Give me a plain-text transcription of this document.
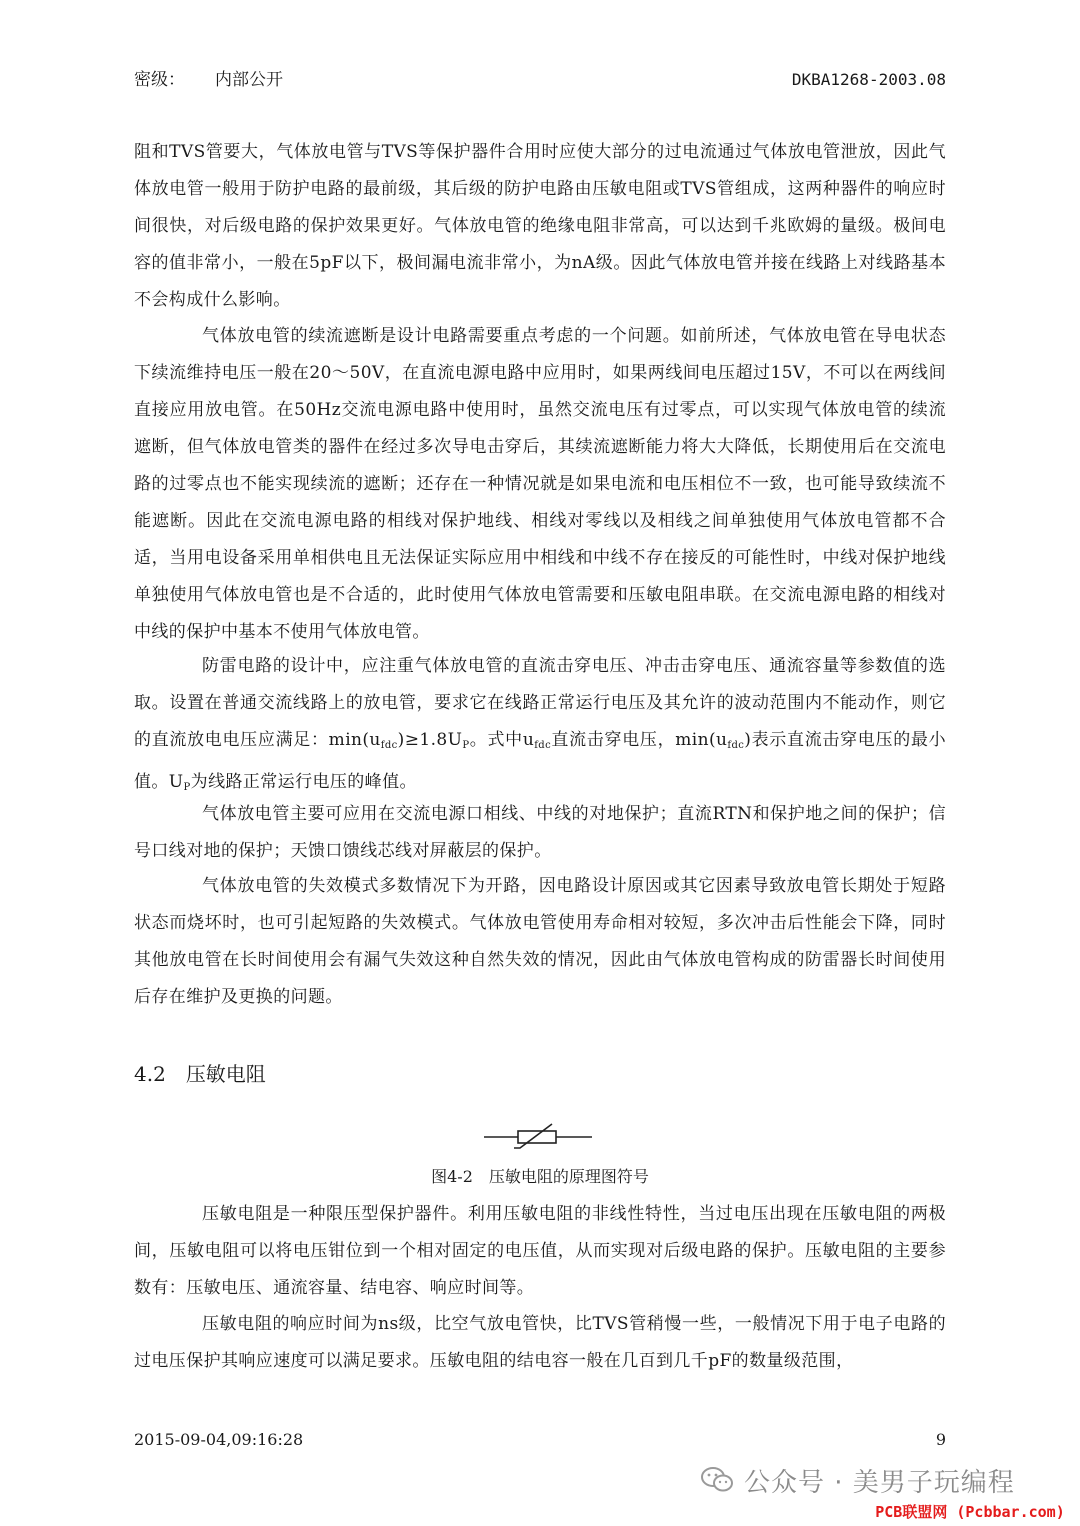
密级： 内部公开	DKBA1268-2003.08

阻和TVS管要大，气体放电管与TVS等保护器件合用时应使大部分的过电流通过气体放电管泄放，因此气体放电管一般用于防护电路的最前级，其后级的防护电路由压敏电阻或TVS管组成，这两种器件的响应时间很快，对后级电路的保护效果更好。气体放电管的绝缘电阻非常高，可以达到千兆欧姆的量级。极间电容的值非常小，一般在5pF以下，极间漏电流非常小，为nA级。因此气体放电管并接在线路上对线路基本不会构成什么影响。

气体放电管的续流遮断是设计电路需要重点考虑的一个问题。如前所述，气体放电管在导电状态下续流维持电压一般在20～50V，在直流电源电路中应用时，如果两线间电压超过15V，不可以在两线间直接应用放电管。在50Hz交流电源电路中使用时，虽然交流电压有过零点，可以实现气体放电管的续流遮断，但气体放电管类的器件在经过多次导电击穿后，其续流遮断能力将大大降低，长期使用后在交流电路的过零点也不能实现续流的遮断；还存在一种情况就是如果电流和电压相位不一致，也可能导致续流不能遮断。因此在交流电源电路的相线对保护地线、相线对零线以及相线之间单独使用气体放电管都不合适，当用电设备采用单相供电且无法保证实际应用中相线和中线不存在接反的可能性时，中线对保护地线单独使用气体放电管也是不合适的，此时使用气体放电管需要和压敏电阻串联。在交流电源电路的相线对中线的保护中基本不使用气体放电管。

防雷电路的设计中，应注重气体放电管的直流击穿电压、冲击击穿电压、通流容量等参数值的选取。设置在普通交流线路上的放电管，要求它在线路正常运行电压及其允许的波动范围内不能动作，则它的直流放电电压应满足：$\min(u_{fdc})\ge 1.8U_P$。式中$u_{fdc}$直流击穿电压，$\min(u_{fdc})$表示直流击穿电压的最小值。$U_P$为线路正常运行电压的峰值。

气体放电管主要可应用在交流电源口相线、中线的对地保护；直流RTN和保护地之间的保护；信号口线对地的保护；天馈口馈线芯线对屏蔽层的保护。

气体放电管的失效模式多数情况下为开路，因电路设计原因或其它因素导致放电管长期处于短路状态而烧坏时，也可引起短路的失效模式。气体放电管使用寿命相对较短，多次冲击后性能会下降，同时其他放电管在长时间使用会有漏气失效这种自然失效的情况，因此由气体放电管构成的防雷器长时间使用后存在维护及更换的问题。

4.2 压敏电阻
图4-2　压敏电阻的原理图符号

压敏电阻是一种限压型保护器件。利用压敏电阻的非线性特性，当过电压出现在压敏电阻的两极间，压敏电阻可以将电压钳位到一个相对固定的电压值，从而实现对后级电路的保护。压敏电阻的主要参数有：压敏电压、通流容量、结电容、响应时间等。

压敏电阻的响应时间为ns级，比空气放电管快，比TVS管稍慢一些，一般情况下用于电子电路的过电压保护其响应速度可以满足要求。压敏电阻的结电容一般在几百到几千pF的数量级范围，

2015-09-04,09:16:28	9
公众号 · 美男子玩编程
PCB联盟网 (Pcbbar.com)
